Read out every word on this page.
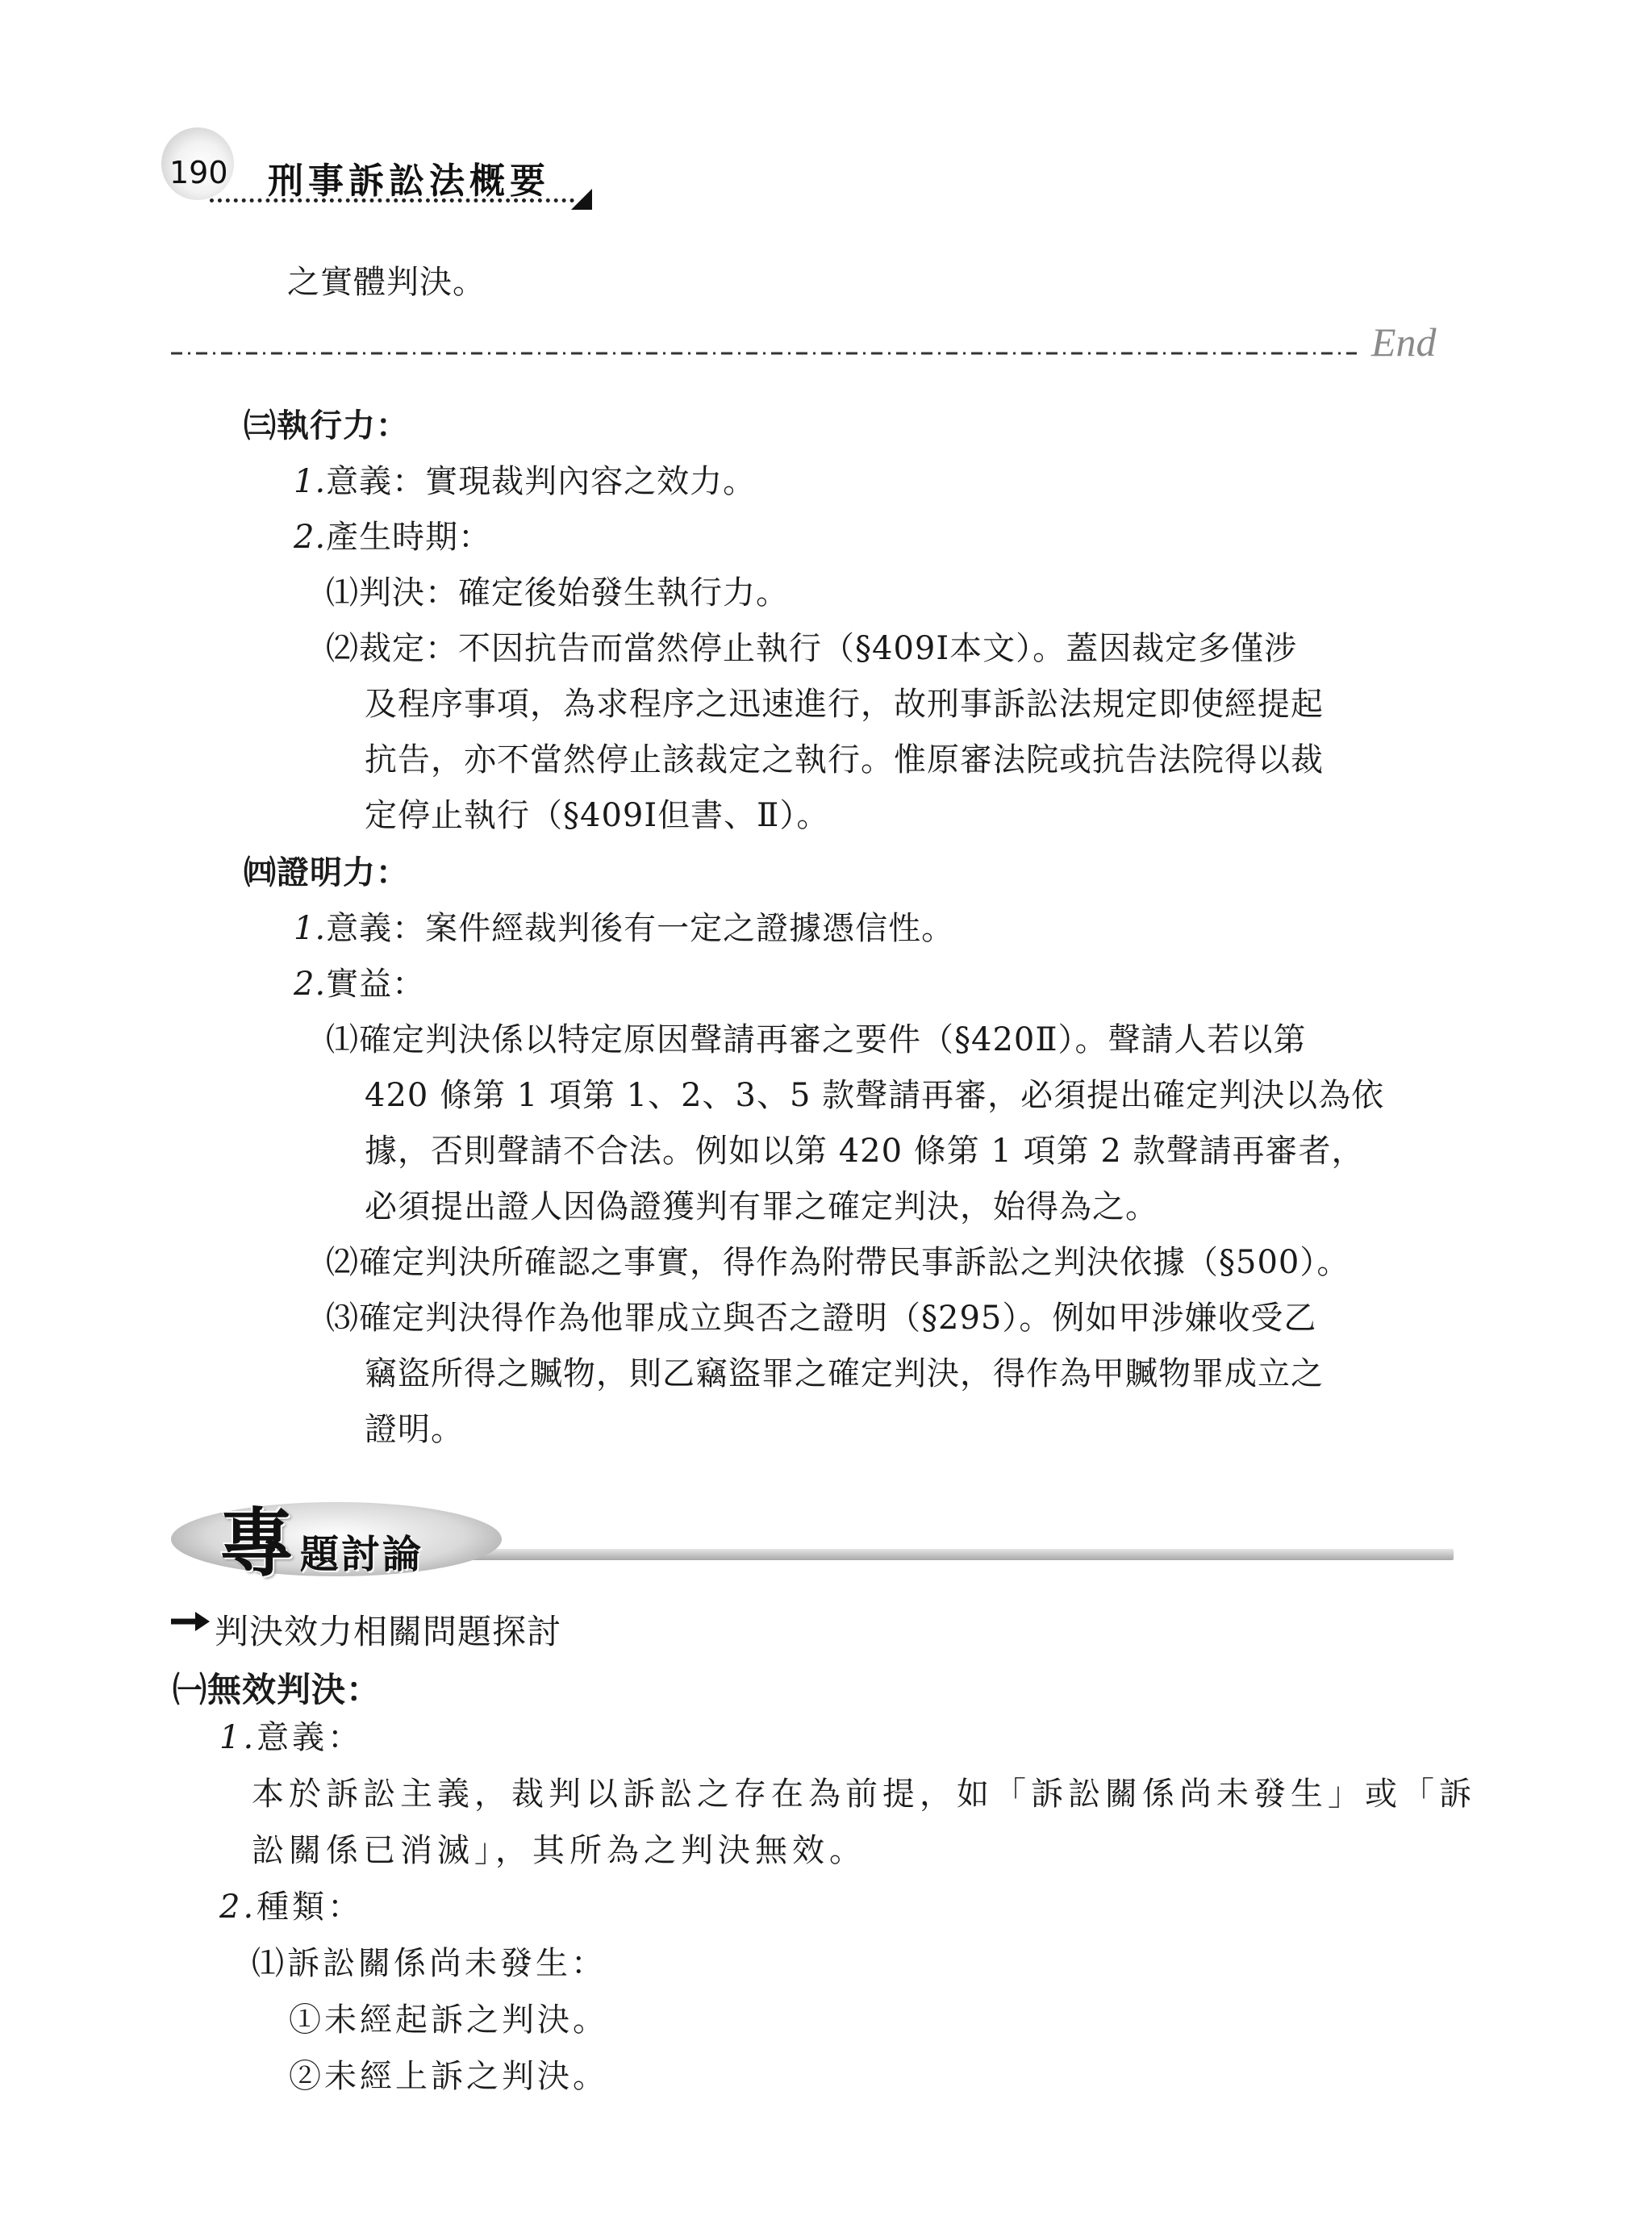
190 刑事訴訟法概要
之實體判決。
End
㈢執行力：
1.意義：實現裁判內容之效力。
2.產生時期：
⑴判決：確定後始發生執行力。
⑵裁定：不因抗告而當然停止執行（§409Ⅰ本文）。蓋因裁定多僅涉
及程序事項，為求程序之迅速進行，故刑事訴訟法規定即使經提起
抗告，亦不當然停止該裁定之執行。惟原審法院或抗告法院得以裁
定停止執行（§409Ⅰ但書、Ⅱ）。
㈣證明力：
1.意義：案件經裁判後有一定之證據憑信性。
2.實益：
⑴確定判決係以特定原因聲請再審之要件（§420Ⅱ）。聲請人若以第
420 條第 1 項第 1、2、3、5 款聲請再審，必須提出確定判決以為依
據，否則聲請不合法。例如以第 420 條第 1 項第 2 款聲請再審者，
必須提出證人因偽證獲判有罪之確定判決，始得為之。
⑵確定判決所確認之事實，得作為附帶民事訴訟之判決依據（§500）。
⑶確定判決得作為他罪成立與否之證明（§295）。例如甲涉嫌收受乙
竊盜所得之贓物，則乙竊盜罪之確定判決，得作為甲贓物罪成立之
證明。
專 題討論
判決效力相關問題探討
㈠無效判決：
1.意義：
本於訴訟主義，裁判以訴訟之存在為前提，如「訴訟關係尚未發生」或「訴
訟關係已消滅」，其所為之判決無效。
2.種類：
⑴訴訟關係尚未發生：
①未經起訴之判決。
②未經上訴之判決。
